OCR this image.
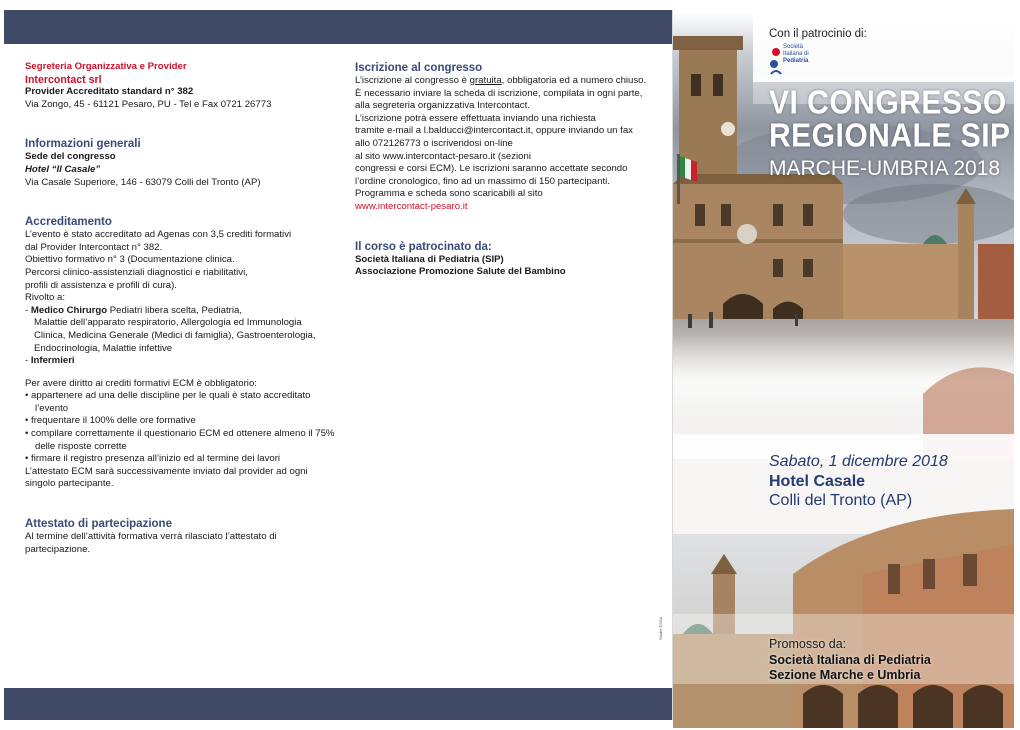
Segreteria Organizzativa e Provider
Intercontact srl
Provider Accreditato standard n° 382
Via Zongo, 45 - 61121 Pesaro, PU - Tel e Fax 0721 26773
Informazioni generali
Sede del congresso
Hotel “Il Casale”
Via Casale Superiore, 146 - 63079 Colli del Tronto (AP)
Accreditamento
L’evento è stato accreditato ad Agenas con 3,5 crediti formativi
dal Provider Intercontact n° 382.
Obiettivo formativo n° 3 (Documentazione clinica.
Percorsi clinico-assistenziali diagnostici e riabilitativi,
profili di assistenza e profili di cura).
Rivolto a:
- Medico Chirurgo Pediatri libera scelta, Pediatria,
Malattie dell’apparato respiratorio, Allergologia ed Immunologia
Clinica, Medicina Generale (Medici di famiglia), Gastroenterologia,
Endocrinologia, Malattie infettive
- Infermieri
Per avere diritto ai crediti formativi ECM è obbligatorio:
• appartenere ad una delle discipline per le quali è stato accreditato l’evento
• frequentare il 100% delle ore formative
• compilare correttamente il questionario ECM ed ottenere almeno il 75% delle risposte corrette
• firmare il registro presenza all’inizio ed al termine dei lavori
L’attestato ECM sarà successivamente inviato dal provider ad ogni singolo partecipante.
Attestato di partecipazione
Al termine dell’attività formativa verrà rilasciato l’attestato di partecipazione.
Iscrizione al congresso
L’iscrizione al congresso è gratuita, obbligatoria ed a numero chiuso.
È necessario inviare la scheda di iscrizione, compilata in ogni parte,
alla segreteria organizzativa Intercontact.
L’iscrizione potrà essere effettuata inviando una richiesta
tramite e-mail a l.balducci@intercontact.it, oppure inviando un fax
allo 072126773 o iscrivendosi on-line
al sito www.intercontact-pesaro.it (sezioni
congressi e corsi ECM). Le iscrizioni saranno accettate secondo
l’ordine cronologico, fino ad un massimo di 150 partecipanti.
Programma e scheda sono scaricabili al sito
www.intercontact-pesaro.it
Il corso è patrocinato da:
Società Italiana di Pediatria (SIP)
Associazione Promozione Salute del Bambino
Studio ESSA
Con il patrocinio di:
Società
Italiana di
Pediatria
VI CONGRESSO
REGIONALE SIP
MARCHE-UMBRIA 2018
Sabato, 1 dicembre 2018
Hotel Casale
Colli del Tronto (AP)
Promosso da:
Società Italiana di Pediatria
Sezione Marche e Umbria
